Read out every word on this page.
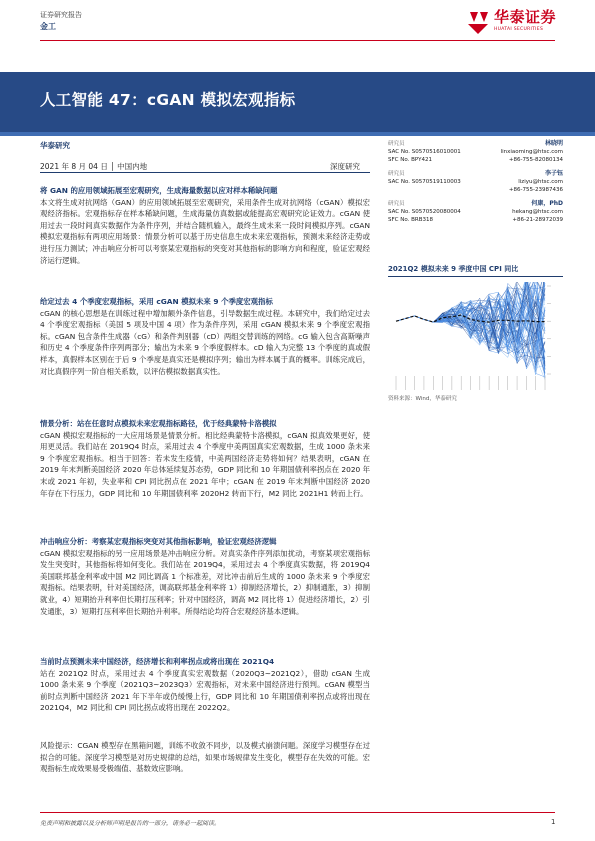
证券研究报告
金工
华泰证券
HUATAI SECURITIES
人工智能 47：cGAN 模拟宏观指标
华泰研究
2021 年 8 月 04 日 │ 中国内地	深度研究

将 GAN 的应用领域拓展至宏观研究，生成海量数据以应对样本稀缺问题

本文将生成对抗网络（GAN）的应用领域拓展至宏观研究，采用条件生成对抗网络（cGAN）模拟宏观经济指标。宏观指标存在样本稀缺问题，生成海量仿真数据或能提高宏观研究论证效力。cGAN 使用过去一段时间真实数据作为条件序列，并结合随机输入，最终生成未来一段时间模拟序列。cGAN 模拟宏观指标有两项应用场景：情景分析可以基于历史信息生成未来宏观指标，预测未来经济走势或进行压力测试；冲击响应分析可以考察某宏观指标的突变对其他指标的影响方向和程度，验证宏观经济运行逻辑。

给定过去 4 个季度宏观指标，采用 cGAN 模拟未来 9 个季度宏观指标

cGAN 的核心思想是在训练过程中增加额外条件信息，引导数据生成过程。本研究中，我们给定过去 4 个季度宏观指标（美国 5 项及中国 4 项）作为条件序列，采用 cGAN 模拟未来 9 个季度宏观指标。cGAN 包含条件生成器（cG）和条件判别器（cD）两组交替训练的网络。cG 输入包含高斯噪声和历史 4 个季度条件序列两部分；输出为未来 9 个季度假样本。cD 输入为完整 13 个季度的真或假样本，真假样本区别在于后 9 个季度是真实还是模拟序列；输出为样本属于真的概率。训练完成后，对比真假序列一阶自相关系数，以评估模拟数据真实性。

情景分析：站在任意时点模拟未来宏观指标路径，优于经典蒙特卡洛模拟

cGAN 模拟宏观指标的一大应用场景是情景分析。相比经典蒙特卡洛模拟，cGAN 拟真效果更好，使用更灵活。我们站在 2019Q4 时点，采用过去 4 个季度中美两国真实宏观数据，生成 1000 条未来 9 个季度宏观指标。相当于回答：若未发生疫情，中美两国经济走势将如何？结果表明，cGAN 在 2019 年末判断美国经济 2020 年总体延续复苏态势，GDP 同比和 10 年期国债利率拐点在 2020 年末或 2021 年初，失业率和 CPI 同比拐点在 2021 年中；cGAN 在 2019 年末判断中国经济 2020 年存在下行压力，GDP 同比和 10 年期国债利率 2020H2 转而下行，M2 同比 2021H1 转而上行。

冲击响应分析：考察某宏观指标突变对其他指标影响，验证宏观经济逻辑

cGAN 模拟宏观指标的另一应用场景是冲击响应分析。对真实条件序列添加扰动，考察某项宏观指标发生突变时，其他指标将如何变化。我们站在 2019Q4，采用过去 4 个季度真实数据，将 2019Q4 美国联邦基金利率或中国 M2 同比调高 1 个标准差，对比冲击前后生成的 1000 条未来 9 个季度宏观指标。结果表明，针对美国经济，调高联邦基金利率将 1）抑制经济增长，2）抑制通胀，3）抑制就业，4）短期抬升利率但长期打压利率；针对中国经济，调高 M2 同比将 1）促进经济增长，2）引发通胀，3）短期打压利率但长期抬升利率。所得结论均符合宏观经济基本逻辑。

当前时点预测未来中国经济，经济增长和利率拐点或将出现在 2021Q4

站在 2021Q2 时点，采用过去 4 个季度真实宏观数据（2020Q3~2021Q2），借助 cGAN 生成 1000 条未来 9 个季度（2021Q3~2023Q3）宏观指标，对未来中国经济进行预判。cGAN 模型当前时点判断中国经济 2021 年下半年或仍缓慢上行，GDP 同比和 10 年期国债利率拐点或将出现在 2021Q4，M2 同比和 CPI 同比拐点或将出现在 2022Q2。

风险提示：CGAN 模型存在黑箱问题，训练不收敛不同步，以及模式崩溃问题。深度学习模型存在过拟合的可能。深度学习模型是对历史规律的总结，如果市场规律发生变化，模型存在失效的可能。宏观指标生成效果易受极端值、基数效应影响。

研究员	林晓明
SAC No. S0570516010001	linxiaoming@htsc.com
SFC No. BPY421	+86-755-82080134
研究员	李子钰
SAC No. S0570519110003	liziyu@htsc.com
+86-755-23987436
研究员	何康，PhD
SAC No. S0570520080004	hekang@htsc.com
SFC No. BRB318	+86-21-28972039
2021Q2 模拟未来 9 季度中国 CPI 同比
资料来源：Wind，华泰研究
免责声明和披露以及分析师声明是报告的一部分，请务必一起阅读。	1
